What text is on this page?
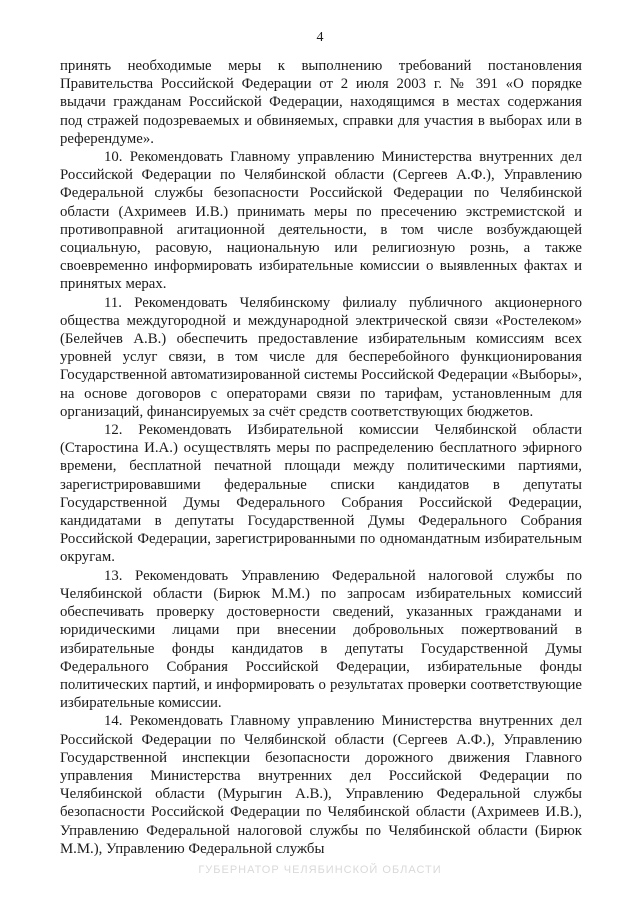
4

принять необходимые меры к выполнению требований постановления Правительства Российской Федерации от 2 июля 2003 г. № 391 «О порядке выдачи гражданам Российской Федерации, находящимся в местах содержания под стражей подозреваемых и обвиняемых, справки для участия в выборах или в референдуме».

10. Рекомендовать Главному управлению Министерства внутренних дел Российской Федерации по Челябинской области (Сергеев А.Ф.), Управлению Федеральной службы безопасности Российской Федерации по Челябинской области (Ахримеев И.В.) принимать меры по пресечению экстремистской и противоправной агитационной деятельности, в том числе возбуждающей социальную, расовую, национальную или религиозную рознь, а также своевременно информировать избирательные комиссии о выявленных фактах и принятых мерах.

11. Рекомендовать Челябинскому филиалу публичного акционерного общества междугородной и международной электрической связи «Ростелеком» (Белейчев А.В.) обеспечить предоставление избирательным комиссиям всех уровней услуг связи, в том числе для бесперебойного функционирования Государственной автоматизированной системы Российской Федерации «Выборы», на основе договоров с операторами связи по тарифам, установленным для организаций, финансируемых за счёт средств соответствующих бюджетов.

12. Рекомендовать Избирательной комиссии Челябинской области (Старостина И.А.) осуществлять меры по распределению бесплатного эфирного времени, бесплатной печатной площади между политическими партиями, зарегистрировавшими федеральные списки кандидатов в депутаты Государственной Думы Федерального Собрания Российской Федерации, кандидатами в депутаты Государственной Думы Федерального Собрания Российской Федерации, зарегистрированными по одномандатным избирательным округам.

13. Рекомендовать Управлению Федеральной налоговой службы по Челябинской области (Бирюк М.М.) по запросам избирательных комиссий обеспечивать проверку достоверности сведений, указанных гражданами и юридическими лицами при внесении добровольных пожертвований в избирательные фонды кандидатов в депутаты Государственной Думы Федерального Собрания Российской Федерации, избирательные фонды политических партий, и информировать о результатах проверки соответствующие избирательные комиссии.

14. Рекомендовать Главному управлению Министерства внутренних дел Российской Федерации по Челябинской области (Сергеев А.Ф.), Управлению Государственной инспекции безопасности дорожного движения Главного управления Министерства внутренних дел Российской Федерации по Челябинской области (Мурыгин А.В.), Управлению Федеральной службы безопасности Российской Федерации по Челябинской области (Ахримеев И.В.), Управлению Федеральной налоговой службы по Челябинской области (Бирюк М.М.), Управлению Федеральной службы

ГУБЕРНАТОР ЧЕЛЯБИНСКОЙ ОБЛАСТИ
